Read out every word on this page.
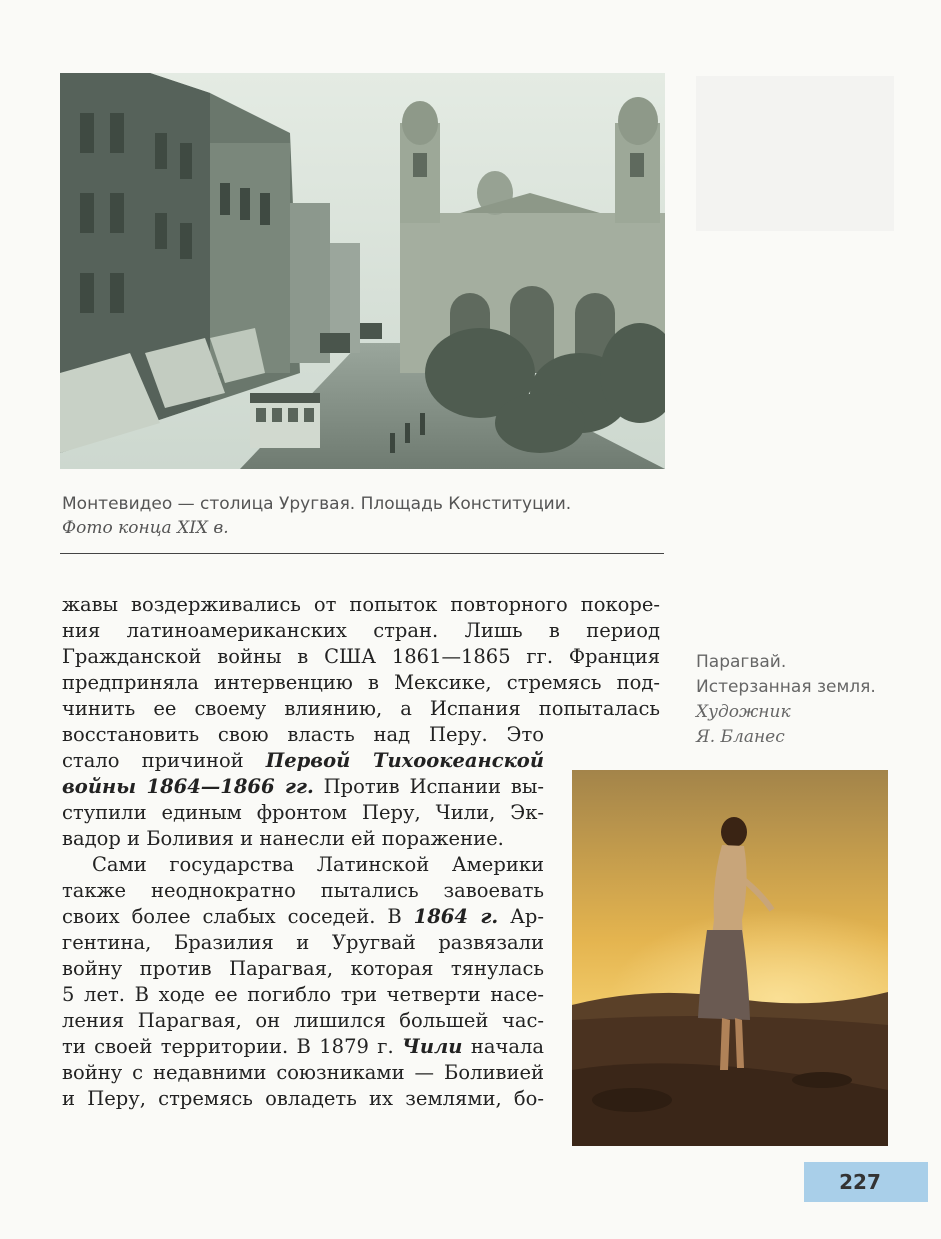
Монтевидео — столица Уругвая. Площадь Конституции.
Фото конца XIX в.
жавы воздерживались от попыток повторного покоре-
ния латиноамериканских стран. Лишь в период
Гражданской войны в США 1861—1865 гг. Франция
предприняла интервенцию в Мексике, стремясь под-
чинить ее своему влиянию, а Испания попыталась
восстановить свою власть над Перу. Это
стало причиной Первой Тихоокеанской
войны 1864—1866 гг. Против Испании вы-
ступили единым фронтом Перу, Чили, Эк-
вадор и Боливия и нанесли ей поражение.
Сами государства Латинской Америки
также неоднократно пытались завоевать
своих более слабых соседей. В 1864 г. Ар-
гентина, Бразилия и Уругвай развязали
войну против Парагвая, которая тянулась
5 лет. В ходе ее погибло три четверти насе-
ления Парагвая, он лишился большей час-
ти своей территории. В 1879 г. Чили начала
войну с недавними союзниками — Боливией
и Перу, стремясь овладеть их землями, бо-
Парагвай.
Истерзанная земля.
Художник
Я. Бланес
227
